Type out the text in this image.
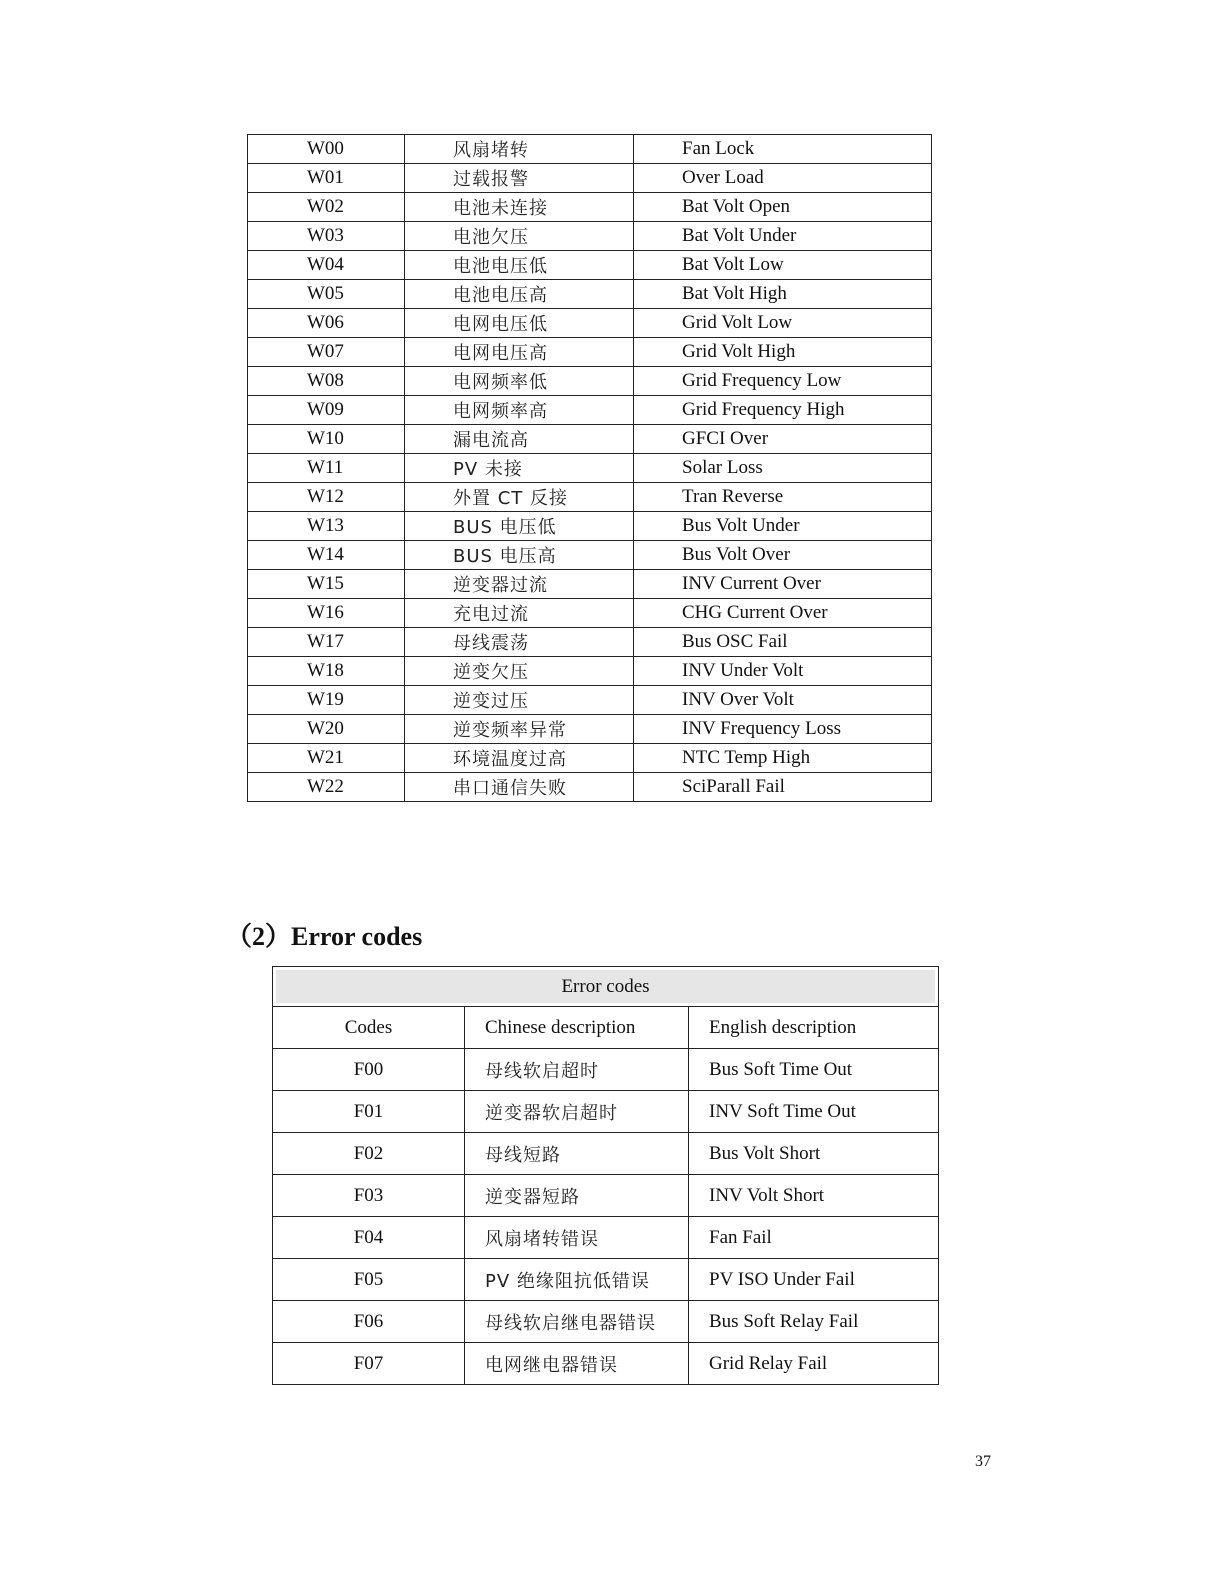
W00	风扇堵转	Fan Lock
W01	过载报警	Over Load
W02	电池未连接	Bat Volt Open
W03	电池欠压	Bat Volt Under
W04	电池电压低	Bat Volt Low
W05	电池电压高	Bat Volt High
W06	电网电压低	Grid Volt Low
W07	电网电压高	Grid Volt High
W08	电网频率低	Grid Frequency Low
W09	电网频率高	Grid Frequency High
W10	漏电流高	GFCI Over
W11	PV 未接	Solar Loss
W12	外置 CT 反接	Tran Reverse
W13	BUS 电压低	Bus Volt Under
W14	BUS 电压高	Bus Volt Over
W15	逆变器过流	INV Current Over
W16	充电过流	CHG Current Over
W17	母线震荡	Bus OSC Fail
W18	逆变欠压	INV Under Volt
W19	逆变过压	INV Over Volt
W20	逆变频率异常	INV Frequency Loss
W21	环境温度过高	NTC Temp High
W22	串口通信失败	SciParall Fail
（2）Error codes
Error codes		
Codes	Chinese description	English description
F00	母线软启超时	Bus Soft Time Out
F01	逆变器软启超时	INV Soft Time Out
F02	母线短路	Bus Volt Short
F03	逆变器短路	INV Volt Short
F04	风扇堵转错误	Fan Fail
F05	PV 绝缘阻抗低错误	PV ISO Under Fail
F06	母线软启继电器错误	Bus Soft Relay Fail
F07	电网继电器错误	Grid Relay Fail
37
